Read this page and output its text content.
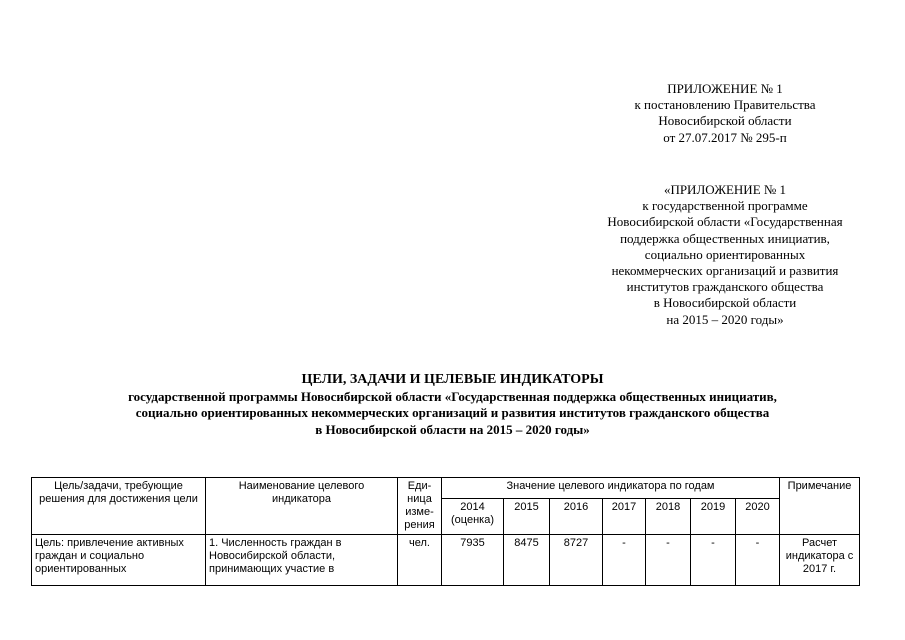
ПРИЛОЖЕНИЕ № 1
к постановлению Правительства
Новосибирской области
от 27.07.2017 № 295-п
«ПРИЛОЖЕНИЕ № 1
к государственной программе
Новосибирской области «Государственная
поддержка общественных инициатив,
социально ориентированных
некоммерческих организаций и развития
институтов гражданского общества
в Новосибирской области
на 2015 – 2020 годы»
ЦЕЛИ, ЗАДАЧИ И ЦЕЛЕВЫЕ ИНДИКАТОРЫ
государственной программы Новосибирской области «Государственная поддержка общественных инициатив,
социально ориентированных некоммерческих организаций и развития институтов гражданского общества
в Новосибирской области на 2015 – 2020 годы»
Цель/задачи, требующие решения для достижения цели	Наименование целевого индикатора	Еди-ница изме-рения	Значение целевого индикатора по годам							Примечание
			2014 (оценка)	2015	2016	2017	2018	2019	2020	

Цель: привлечение активных граждан и социально ориентированных	1. Численность граждан в Новосибирской области, принимающих участие в	чел.	7935	8475	8727	-	-	-	-	Расчет индикатора с 2017 г.
